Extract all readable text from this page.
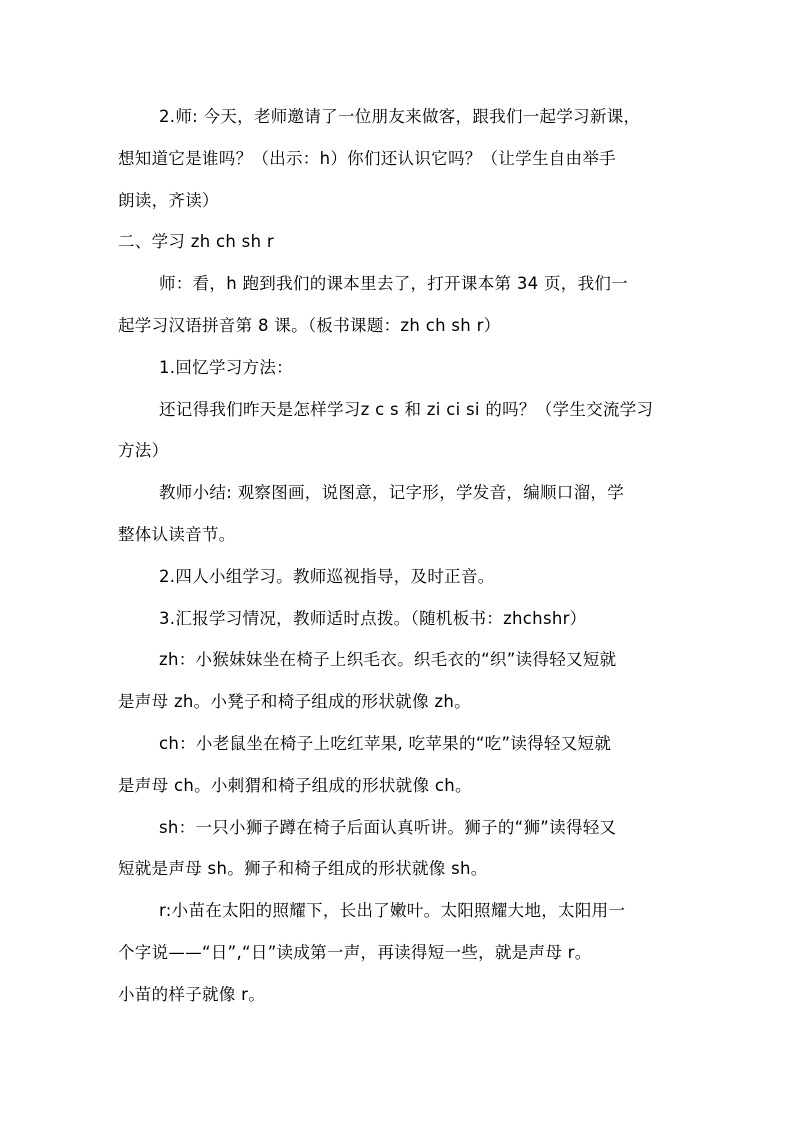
2.师: 今天，老师邀请了一位朋友来做客，跟我们一起学习新课，
想知道它是谁吗？（出示：h）你们还认识它吗？（让学生自由举手
朗读，齐读）
二、学习 zh ch sh r
师：看，h 跑到我们的课本里去了，打开课本第 34 页，我们一
起学习汉语拼音第 8 课。（板书课题：zh ch sh r）
1.回忆学习方法：
还记得我们昨天是怎样学习z c s 和 zi ci si 的吗？（学生交流学习
方法）
教师小结: 观察图画，说图意，记字形，学发音，编顺口溜，学
整体认读音节。
2.四人小组学习。教师巡视指导，及时正音。
3.汇报学习情况，教师适时点拨。（随机板书：zhchshr）
zh：小猴妹妹坐在椅子上织毛衣。织毛衣的“织”读得轻又短就
是声母 zh。小凳子和椅子组成的形状就像 zh。
ch：小老鼠坐在椅子上吃红苹果, 吃苹果的“吃”读得轻又短就
是声母 ch。小刺猬和椅子组成的形状就像 ch。
sh：一只小狮子蹲在椅子后面认真听讲。狮子的“狮”读得轻又
短就是声母 sh。狮子和椅子组成的形状就像 sh。
r:小苗在太阳的照耀下，长出了嫩叶。太阳照耀大地，太阳用一
个字说——“日”,“日”读成第一声，再读得短一些，就是声母 r。
小苗的样子就像 r。
